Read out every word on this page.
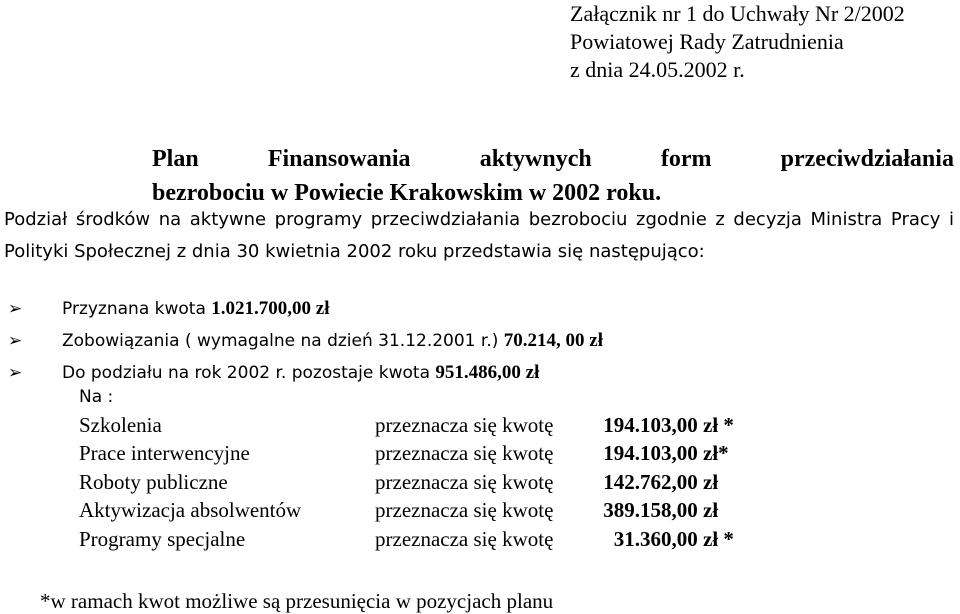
Załącznik nr 1 do Uchwały Nr 2/2002
Powiatowej Rady Zatrudnienia
z dnia 24.05.2002 r.
Plan	Finansowania	aktywnych	form	przeciwdziałania
bezrobociu w Powiecie Krakowskim w 2002 roku.
Podział środków na aktywne programy przeciwdziałania bezrobociu zgodnie z decyzja Ministra Pracy i Polityki Społecznej z dnia 30 kwietnia 2002 roku przedstawia się następująco:
➢ Przyznana kwota 1.021.700,00 zł
➢ Zobowiązania ( wymagalne na dzień 31.12.2001 r.) 70.214, 00 zł
➢ Do podziału na rok 2002 r. pozostaje kwota 951.486,00 zł
Na :
Szkolenia	przeznacza się kwotę	194.103,00 zł *
Prace interwencyjne	przeznacza się kwotę	194.103,00 zł*
Roboty publiczne	przeznacza się kwotę	142.762,00 zł
Aktywizacja absolwentów	przeznacza się kwotę	389.158,00 zł
Programy specjalne	przeznacza się kwotę	31.360,00 zł *
*w ramach kwot możliwe są przesunięcia w pozycjach planu
